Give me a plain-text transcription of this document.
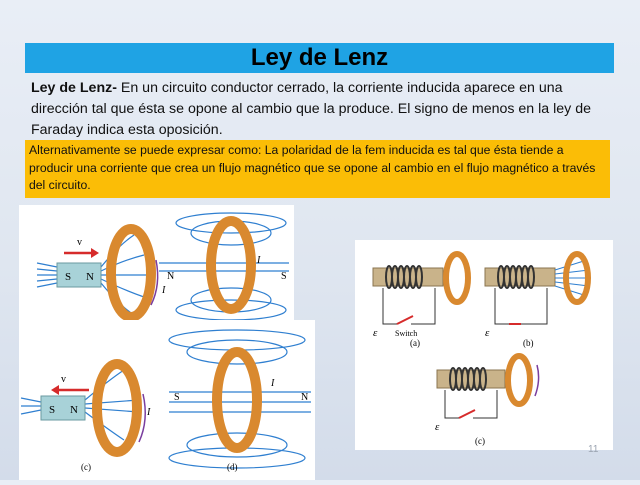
Ley de Lenz
Ley de Lenz- En un circuito conductor cerrado, la corriente inducida aparece en una dirección tal que ésta se opone al cambio que la produce. El signo de menos en la ley de Faraday indica esta oposición.
Alternativamente se puede expresar como: La polaridad de la fem inducida es tal que ésta tiende a producir una corriente que crea un flujo magnético que se opone al cambio en el flujo magnético a través del circuito.
S N
v
I
N	S
I
S N
v
I
(c)
S	N
I
(d)
ε Switch
(a)
ε
(b)
ε
(c)
11
